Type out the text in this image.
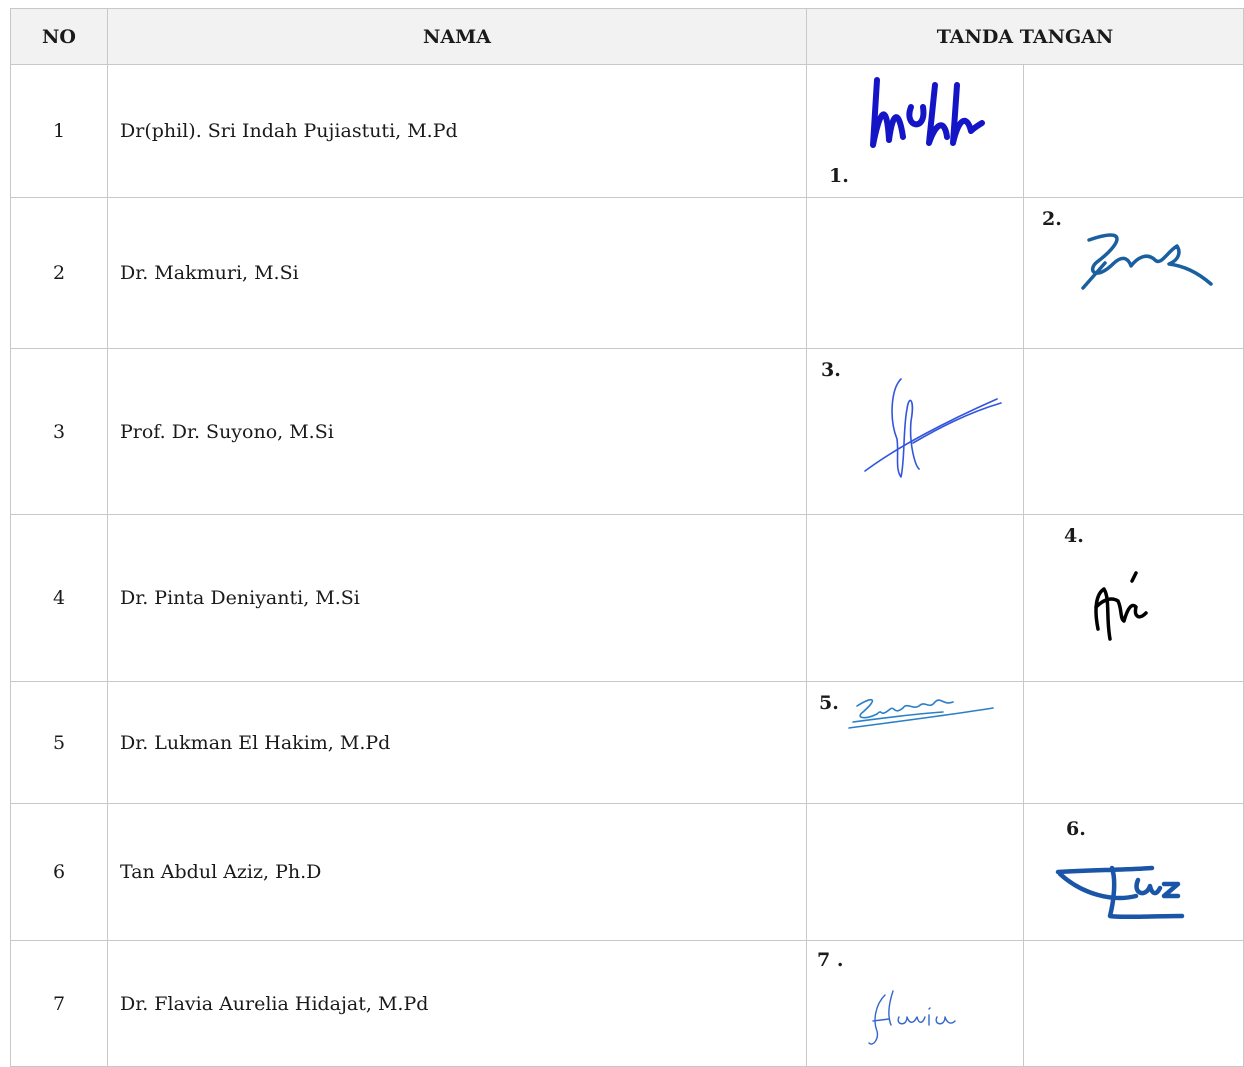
NO	NAMA	TANDA TANGAN	
1	Dr(phil). Sri Indah Pujiastuti, M.Pd	1.	

2	Dr. Makmuri, M.Si		2.

3	Prof. Dr. Suyono, M.Si	3.	

4	Dr. Pinta Deniyanti, M.Si		4.

5	Dr. Lukman El Hakim, M.Pd	5.	

6	Tan Abdul Aziz, Ph.D		6.

7	Dr. Flavia Aurelia Hidajat, M.Pd	7 .	
